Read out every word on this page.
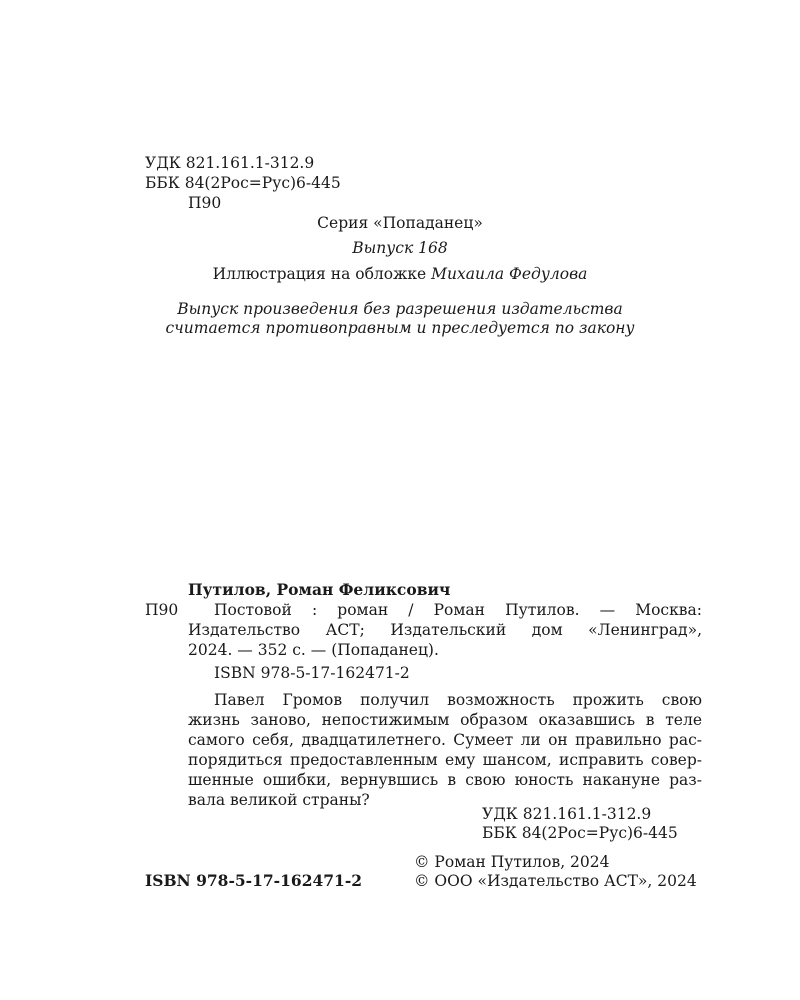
УДК 821.161.1-312.9
ББК 84(2Рос=Рус)6-445
П90
Серия «Попаданец»
Выпуск 168
Иллюстрация на обложке Михаила Федулова
Выпуск произведения без разрешения издательства
считается противоправным и преследуется по закону
Путилов, Роман Феликсович
П90	Постовой : роман / Роман Путилов. — Москва:
Издательство АСТ; Издательский дом «Ленинград»,
2024. — 352 с. — (Попаданец).
ISBN 978-5-17-162471-2
Павел Громов получил возможность прожить свою
жизнь заново, непостижимым образом оказавшись в теле
самого себя, двадцатилетнего. Сумеет ли он правильно рас-
порядиться предоставленным ему шансом, исправить совер-
шенные ошибки, вернувшись в свою юность накануне раз-
вала великой страны?
УДК 821.161.1-312.9
ББК 84(2Рос=Рус)6-445
© Роман Путилов, 2024
ISBN 978-5-17-162471-2	© ООО «Издательство АСТ», 2024
